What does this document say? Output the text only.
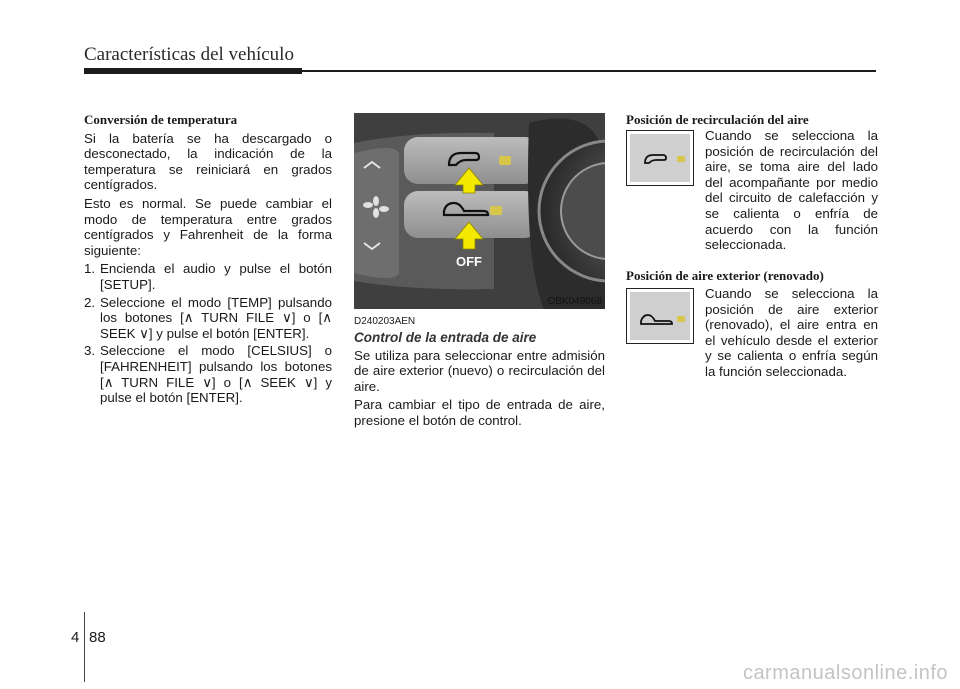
Características del vehículo
Conversión de temperatura

Si la batería se ha descargado o desconectado, la indicación de la temperatura se reiniciará en grados centígrados.

Esto es normal. Se puede cambiar el modo de temperatura entre grados centígrados y Fahrenheit de la forma siguiente:

1. Encienda el audio y pulse el botón [SETUP].
2. Seleccione el modo [TEMP] pulsando los botones [∧ TURN FILE ∨] o [∧ SEEK ∨] y pulse el botón [ENTER].
3. Seleccione el modo [CELSIUS] o [FAHRENHEIT] pulsando los botones [∧ TURN FILE ∨] o [∧ SEEK ∨] y pulse el botón [ENTER].
OFF
OBK049068
D240203AEN
Control de la entrada de aire

Se utiliza para seleccionar entre admisión de aire exterior (nuevo) o recirculación del aire.

Para cambiar el tipo de entrada de aire, presione el botón de control.

Posición de recirculación del aire
Cuando se selecciona la posición de recirculación del aire, se toma aire del lado del acompañante por medio del circuito de calefacción y se calienta o enfría de acuerdo con la función seleccionada.
Posición de aire exterior (renovado)
Cuando se selecciona la posición de aire exterior (renovado), el aire entra en el vehículo desde el exterior y se calienta o enfría según la función seleccionada.
4 88
carmanualsonline.info
